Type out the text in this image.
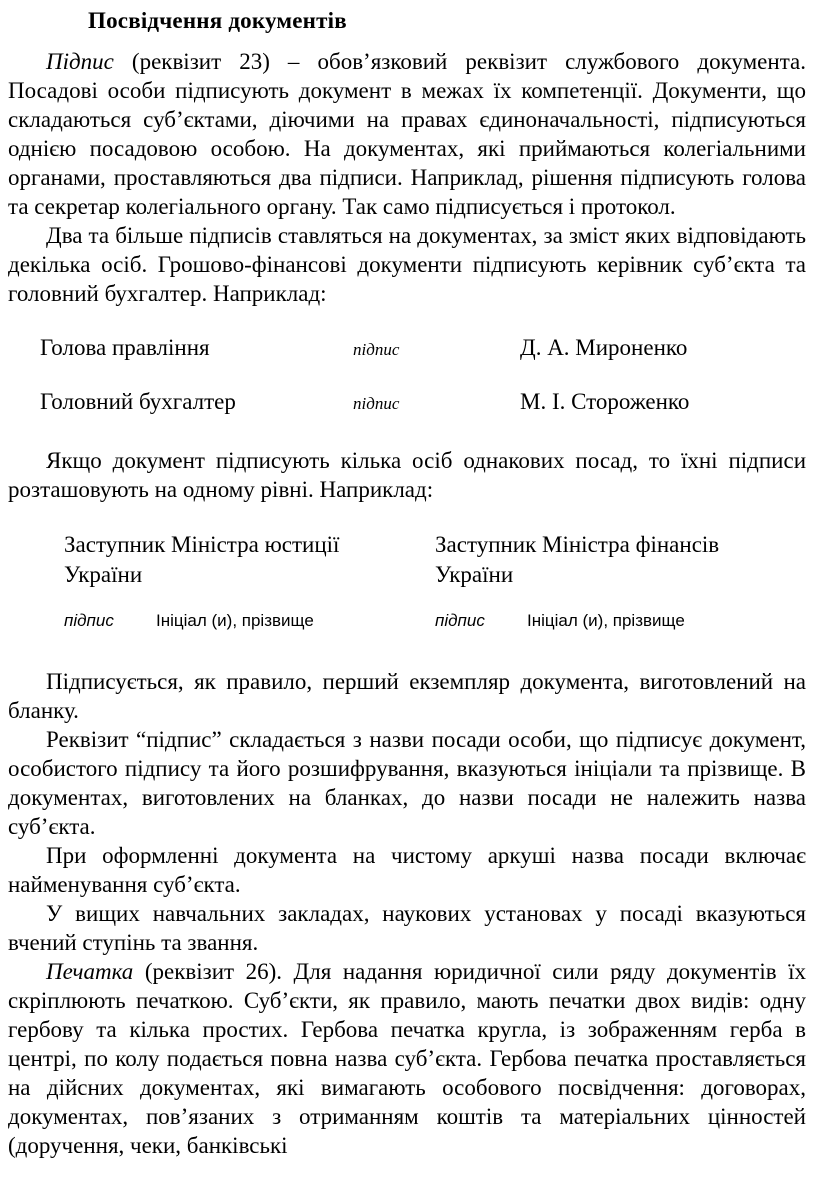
Посвідчення документів

Підпис (реквізит 23) – обов’язковий реквізит службового документа. Посадові особи підписують документ в межах їх компетенції. Документи, що складаються суб’єктами, діючими на правах єдиноначальності, підписуються однією посадовою особою. На документах, які приймаються колегіальними органами, проставляються два підписи. Наприклад, рішення підписують голова та секретар колегіального органу. Так само підписується і протокол.

Два та більше підписів ставляться на документах, за зміст яких відповідають декілька осіб. Грошово-фінансові документи підписують керівник суб’єкта та головний бухгалтер. Наприклад:

Голова правління	підпис	Д. А. Мироненко
Головний бухгалтер	підпис	М. І. Стороженко

Якщо документ підписують кілька осіб однакових посад, то їхні підписи розташовують на одному рівні. Наприклад:

Заступник Міністра юстиції України
підпис	Ініціал (и), прізвище
Заступник Міністра фінансів України
підпис	Ініціал (и), прізвище

Підписується, як правило, перший екземпляр документа, виготовлений на бланку.

Реквізит “підпис” складається з назви посади особи, що підписує документ, особистого підпису та його розшифрування, вказуються ініціали та прізвище. В документах, виготовлених на бланках, до назви посади не належить назва суб’єкта.

При оформленні документа на чистому аркуші назва посади включає найменування суб’єкта.

У вищих навчальних закладах, наукових установах у посаді вказуються вчений ступінь та звання.

Печатка (реквізит 26). Для надання юридичної сили ряду документів їх скріплюють печаткою. Суб’єкти, як правило, мають печатки двох видів: одну гербову та кілька простих. Гербова печатка кругла, із зображенням герба в центрі, по колу подається повна назва суб’єкта. Гербова печатка проставляється на дійсних документах, які вимагають особового посвідчення: договорах, документах, пов’язаних з отриманням коштів та матеріальних цінностей (доручення, чеки, банківські
